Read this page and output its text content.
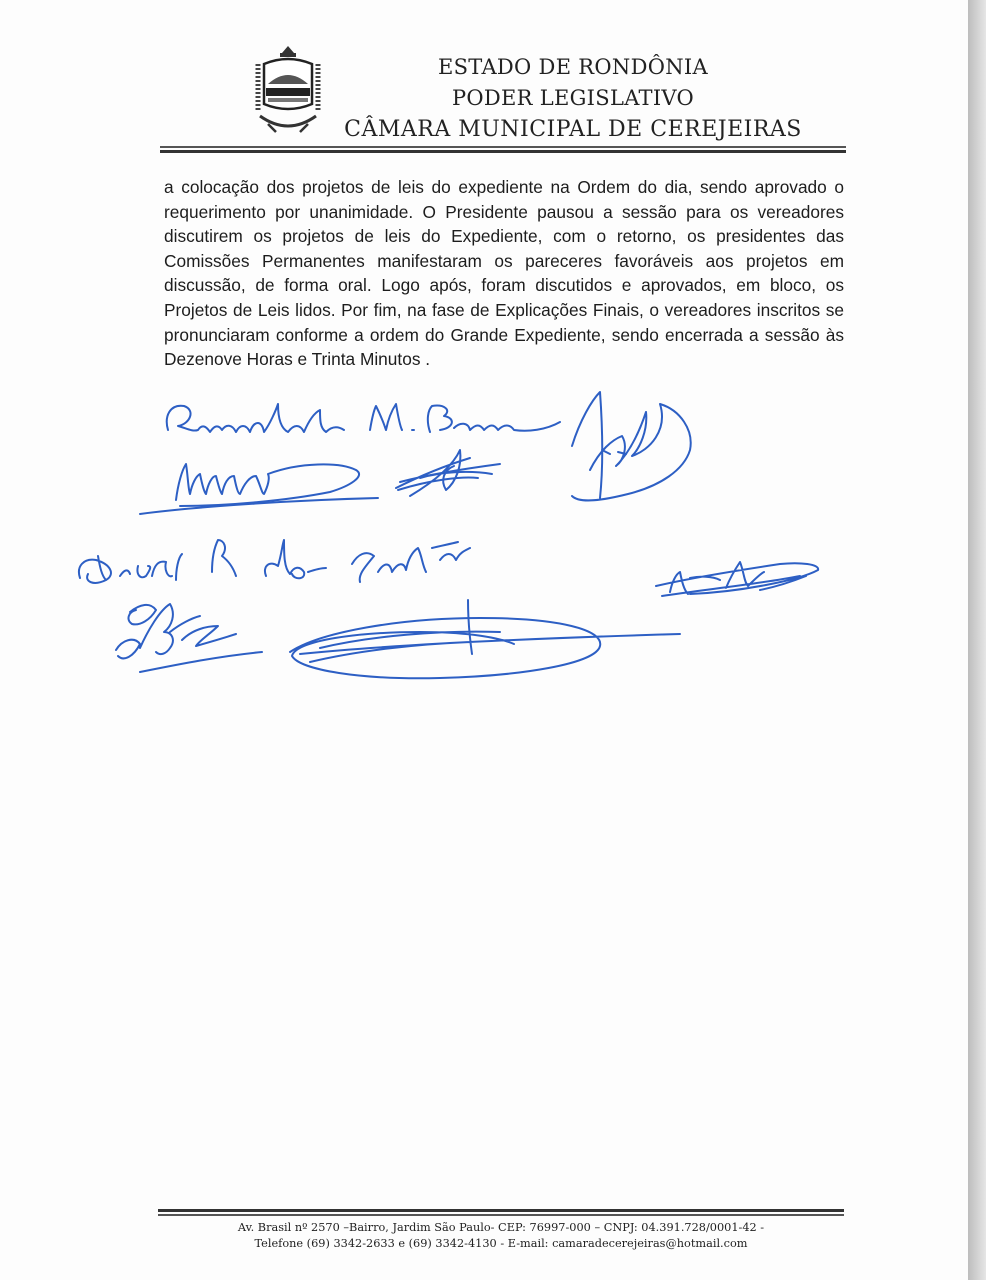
ESTADO DE RONDÔNIA
PODER LEGISLATIVO
CÂMARA MUNICIPAL DE CEREJEIRAS
a colocação dos projetos de leis do expediente na Ordem do dia, sendo aprovado o requerimento por unanimidade. O Presidente pausou a sessão para os vereadores discutirem os projetos de leis do Expediente, com o retorno, os presidentes das Comissões Permanentes manifestaram os pareceres favoráveis aos projetos em discussão, de forma oral. Logo após, foram discutidos e aprovados, em bloco, os Projetos de Leis lidos. Por fim, na fase de Explicações Finais, o vereadores inscritos se pronunciaram conforme a ordem do Grande Expediente, sendo encerrada a sessão às Dezenove Horas e Trinta Minutos .
Av. Brasil nº 2570 –Bairro, Jardim São Paulo- CEP: 76997-000 – CNPJ: 04.391.728/0001-42 -
Telefone (69) 3342-2633 e (69) 3342-4130 - E-mail: camaradecerejeiras@hotmail.com
